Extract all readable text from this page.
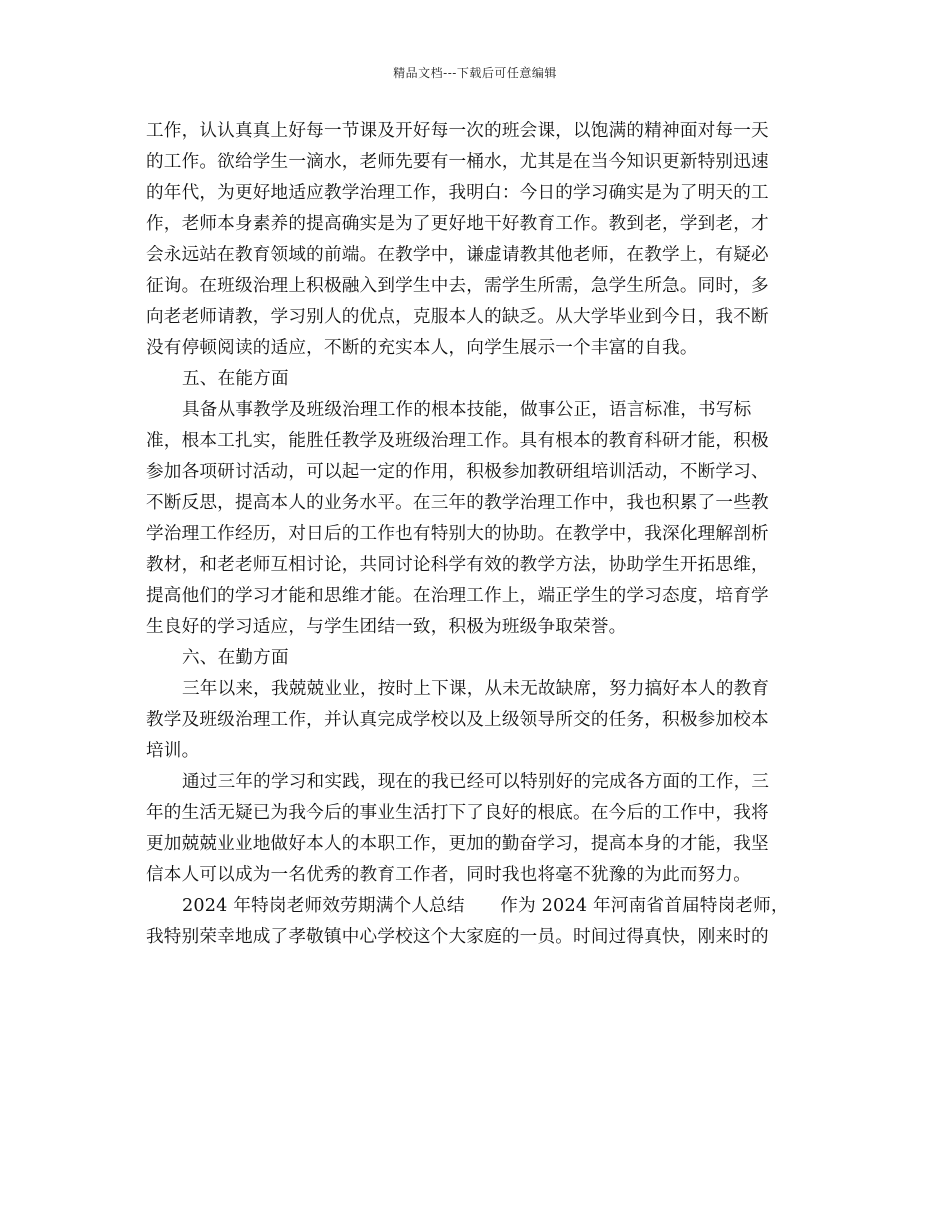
精品文档---下载后可任意编辑
工作，认认真真上好每一节课及开好每一次的班会课，以饱满的精神面对每一天
的工作。欲给学生一滴水，老师先要有一桶水，尤其是在当今知识更新特别迅速
的年代，为更好地适应教学治理工作，我明白：今日的学习确实是为了明天的工
作，老师本身素养的提高确实是为了更好地干好教育工作。教到老，学到老，才
会永远站在教育领域的前端。在教学中，谦虚请教其他老师，在教学上，有疑必
征询。在班级治理上积极融入到学生中去，需学生所需，急学生所急。同时，多
向老老师请教，学习别人的优点，克服本人的缺乏。从大学毕业到今日，我不断
没有停顿阅读的适应，不断的充实本人，向学生展示一个丰富的自我。
五、在能方面
具备从事教学及班级治理工作的根本技能，做事公正，语言标准，书写标
准，根本工扎实，能胜任教学及班级治理工作。具有根本的教育科研才能，积极
参加各项研讨活动，可以起一定的作用，积极参加教研组培训活动，不断学习、
不断反思，提高本人的业务水平。在三年的教学治理工作中，我也积累了一些教
学治理工作经历，对日后的工作也有特别大的协助。在教学中，我深化理解剖析
教材，和老老师互相讨论，共同讨论科学有效的教学方法，协助学生开拓思维，
提高他们的学习才能和思维才能。在治理工作上，端正学生的学习态度，培育学
生良好的学习适应，与学生团结一致，积极为班级争取荣誉。
六、在勤方面
三年以来，我兢兢业业，按时上下课，从未无故缺席，努力搞好本人的教育
教学及班级治理工作，并认真完成学校以及上级领导所交的任务，积极参加校本
培训。
通过三年的学习和实践，现在的我已经可以特别好的完成各方面的工作，三
年的生活无疑已为我今后的事业生活打下了良好的根底。在今后的工作中，我将
更加兢兢业业地做好本人的本职工作，更加的勤奋学习，提高本身的才能，我坚
信本人可以成为一名优秀的教育工作者，同时我也将毫不犹豫的为此而努力。
2024 年特岗老师效劳期满个人总结　　作为 2024 年河南省首届特岗老师，
我特别荣幸地成了孝敬镇中心学校这个大家庭的一员。时间过得真快，刚来时的
